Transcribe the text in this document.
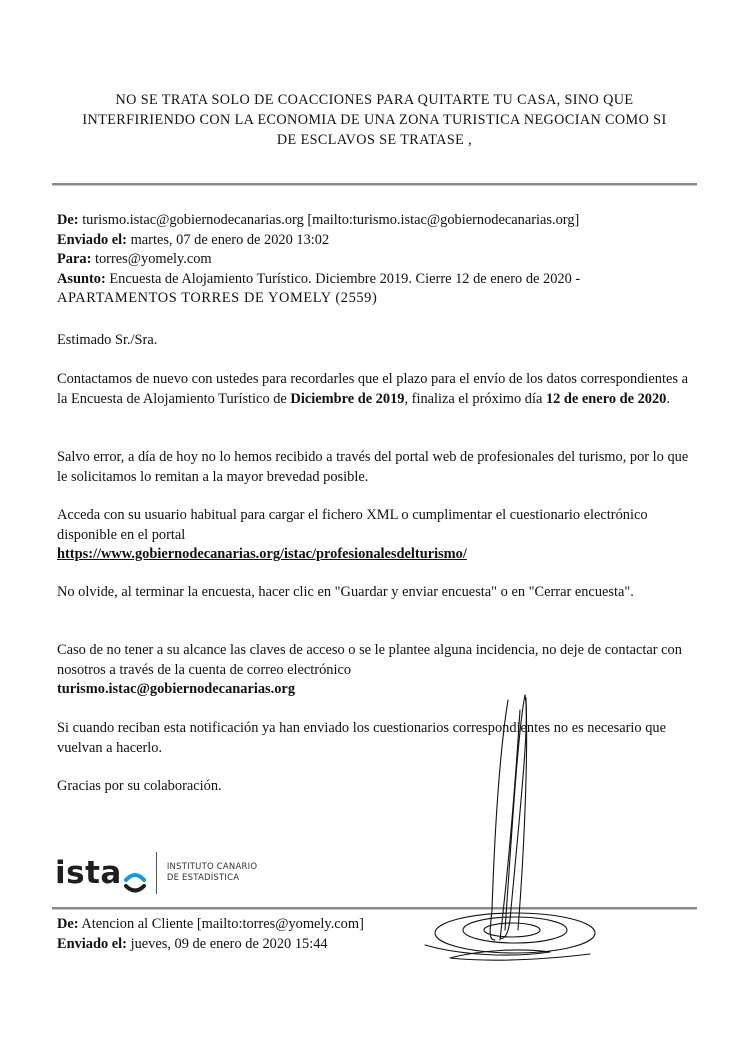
NO SE TRATA SOLO DE COACCIONES PARA QUITARTE TU CASA, SINO QUE
INTERFIRIENDO CON LA ECONOMIA DE UNA ZONA TURISTICA NEGOCIAN COMO SI
DE ESCLAVOS SE TRATASE ,
De: turismo.istac@gobiernodecanarias.org [mailto:turismo.istac@gobiernodecanarias.org]
Enviado el: martes, 07 de enero de 2020 13:02
Para: torres@yomely.com
Asunto: Encuesta de Alojamiento Turístico. Diciembre 2019. Cierre 12 de enero de 2020 -
APARTAMENTOS TORRES DE YOMELY (2559)
Estimado Sr./Sra.
Contactamos de nuevo con ustedes para recordarles que el plazo para el envío de los datos correspondientes a la Encuesta de Alojamiento Turístico de Diciembre de 2019, finaliza el próximo día 12 de enero de 2020.
Salvo error, a día de hoy no lo hemos recibido a través del portal web de profesionales del turismo, por lo que le solicitamos lo remitan a la mayor brevedad posible.
Acceda con su usuario habitual para cargar el fichero XML o cumplimentar el cuestionario electrónico disponible en el portal
https://www.gobiernodecanarias.org/istac/profesionalesdelturismo/
No olvide, al terminar la encuesta, hacer clic en "Guardar y enviar encuesta" o en "Cerrar encuesta".
Caso de no tener a su alcance las claves de acceso o se le plantee alguna incidencia, no deje de contactar con nosotros a través de la cuenta de correo electrónico
turismo.istac@gobiernodecanarias.org
Si cuando reciban esta notificación ya han enviado los cuestionarios correspondientes no es necesario que vuelvan a hacerlo.
Gracias por su colaboración.
ista	INSTITUTO CANARIO
DE ESTADÍSTICA
De: Atencion al Cliente [mailto:torres@yomely.com]
Enviado el: jueves, 09 de enero de 2020 15:44
